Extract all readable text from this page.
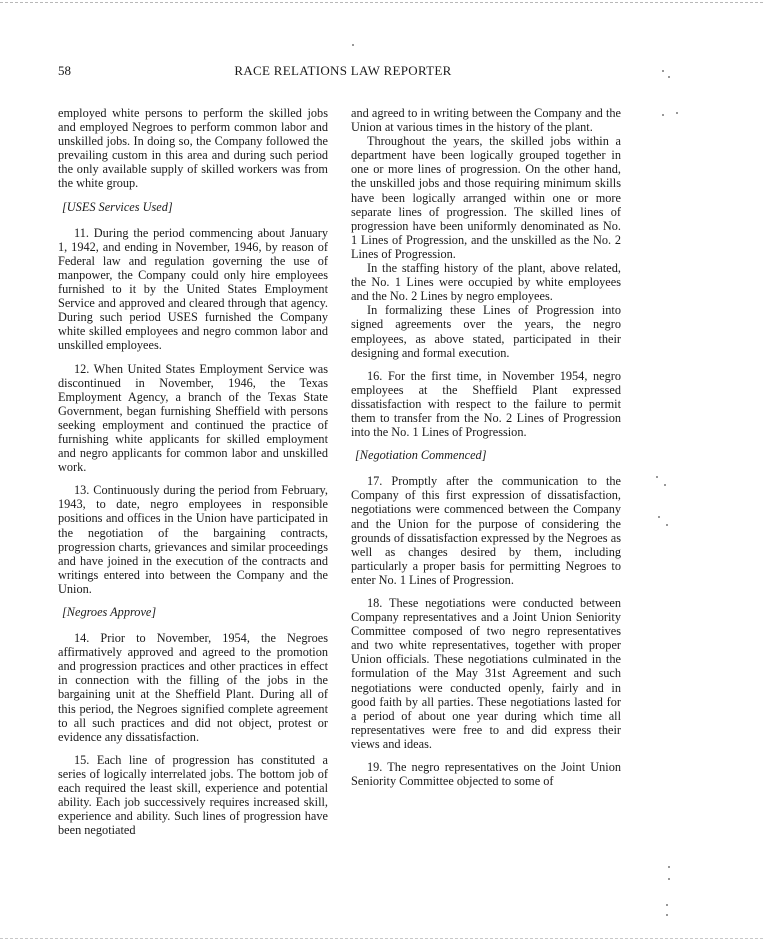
58	RACE RELATIONS LAW REPORTER

employed white persons to perform the skilled jobs and employed Negroes to perform common labor and unskilled jobs. In doing so, the Company followed the prevailing custom in this area and during such period the only available supply of skilled workers was from the white group.

[USES Services Used]

11. During the period commencing about January 1, 1942, and ending in November, 1946, by reason of Federal law and regulation governing the use of manpower, the Company could only hire employees furnished to it by the United States Employment Service and approved and cleared through that agency. During such period USES furnished the Company white skilled employees and negro common labor and unskilled employees.

12. When United States Employment Service was discontinued in November, 1946, the Texas Employment Agency, a branch of the Texas State Government, began furnishing Sheffield with persons seeking employment and continued the practice of furnishing white applicants for skilled employment and negro applicants for common labor and unskilled work.

13. Continuously during the period from February, 1943, to date, negro employees in responsible positions and offices in the Union have participated in the negotiation of the bargaining contracts, progression charts, grievances and similar proceedings and have joined in the execution of the contracts and writings entered into between the Company and the Union.

[Negroes Approve]

14. Prior to November, 1954, the Negroes affirmatively approved and agreed to the promotion and progression practices and other practices in effect in connection with the filling of the jobs in the bargaining unit at the Sheffield Plant. During all of this period, the Negroes signified complete agreement to all such practices and did not object, protest or evidence any dissatisfaction.

15. Each line of progression has constituted a series of logically interrelated jobs. The bottom job of each required the least skill, experience and potential ability. Each job successively requires increased skill, experience and ability. Such lines of progression have been negotiated

and agreed to in writing between the Company and the Union at various times in the history of the plant.

Throughout the years, the skilled jobs within a department have been logically grouped together in one or more lines of progression. On the other hand, the unskilled jobs and those requiring minimum skills have been logically arranged within one or more separate lines of progression. The skilled lines of progression have been uniformly denominated as No. 1 Lines of Progression, and the unskilled as the No. 2 Lines of Progression.

In the staffing history of the plant, above related, the No. 1 Lines were occupied by white employees and the No. 2 Lines by negro employees.

In formalizing these Lines of Progression into signed agreements over the years, the negro employees, as above stated, participated in their designing and formal execution.

16. For the first time, in November 1954, negro employees at the Sheffield Plant expressed dissatisfaction with respect to the failure to permit them to transfer from the No. 2 Lines of Progression into the No. 1 Lines of Progression.

[Negotiation Commenced]

17. Promptly after the communication to the Company of this first expression of dissatisfaction, negotiations were commenced between the Company and the Union for the purpose of considering the grounds of dissatisfaction expressed by the Negroes as well as changes desired by them, including particularly a proper basis for permitting Negroes to enter No. 1 Lines of Progression.

18. These negotiations were conducted between Company representatives and a Joint Union Seniority Committee composed of two negro representatives and two white representatives, together with proper Union officials. These negotiations culminated in the formulation of the May 31st Agreement and such negotiations were conducted openly, fairly and in good faith by all parties. These negotiations lasted for a period of about one year during which time all representatives were free to and did express their views and ideas.

19. The negro representatives on the Joint Union Seniority Committee objected to some of
